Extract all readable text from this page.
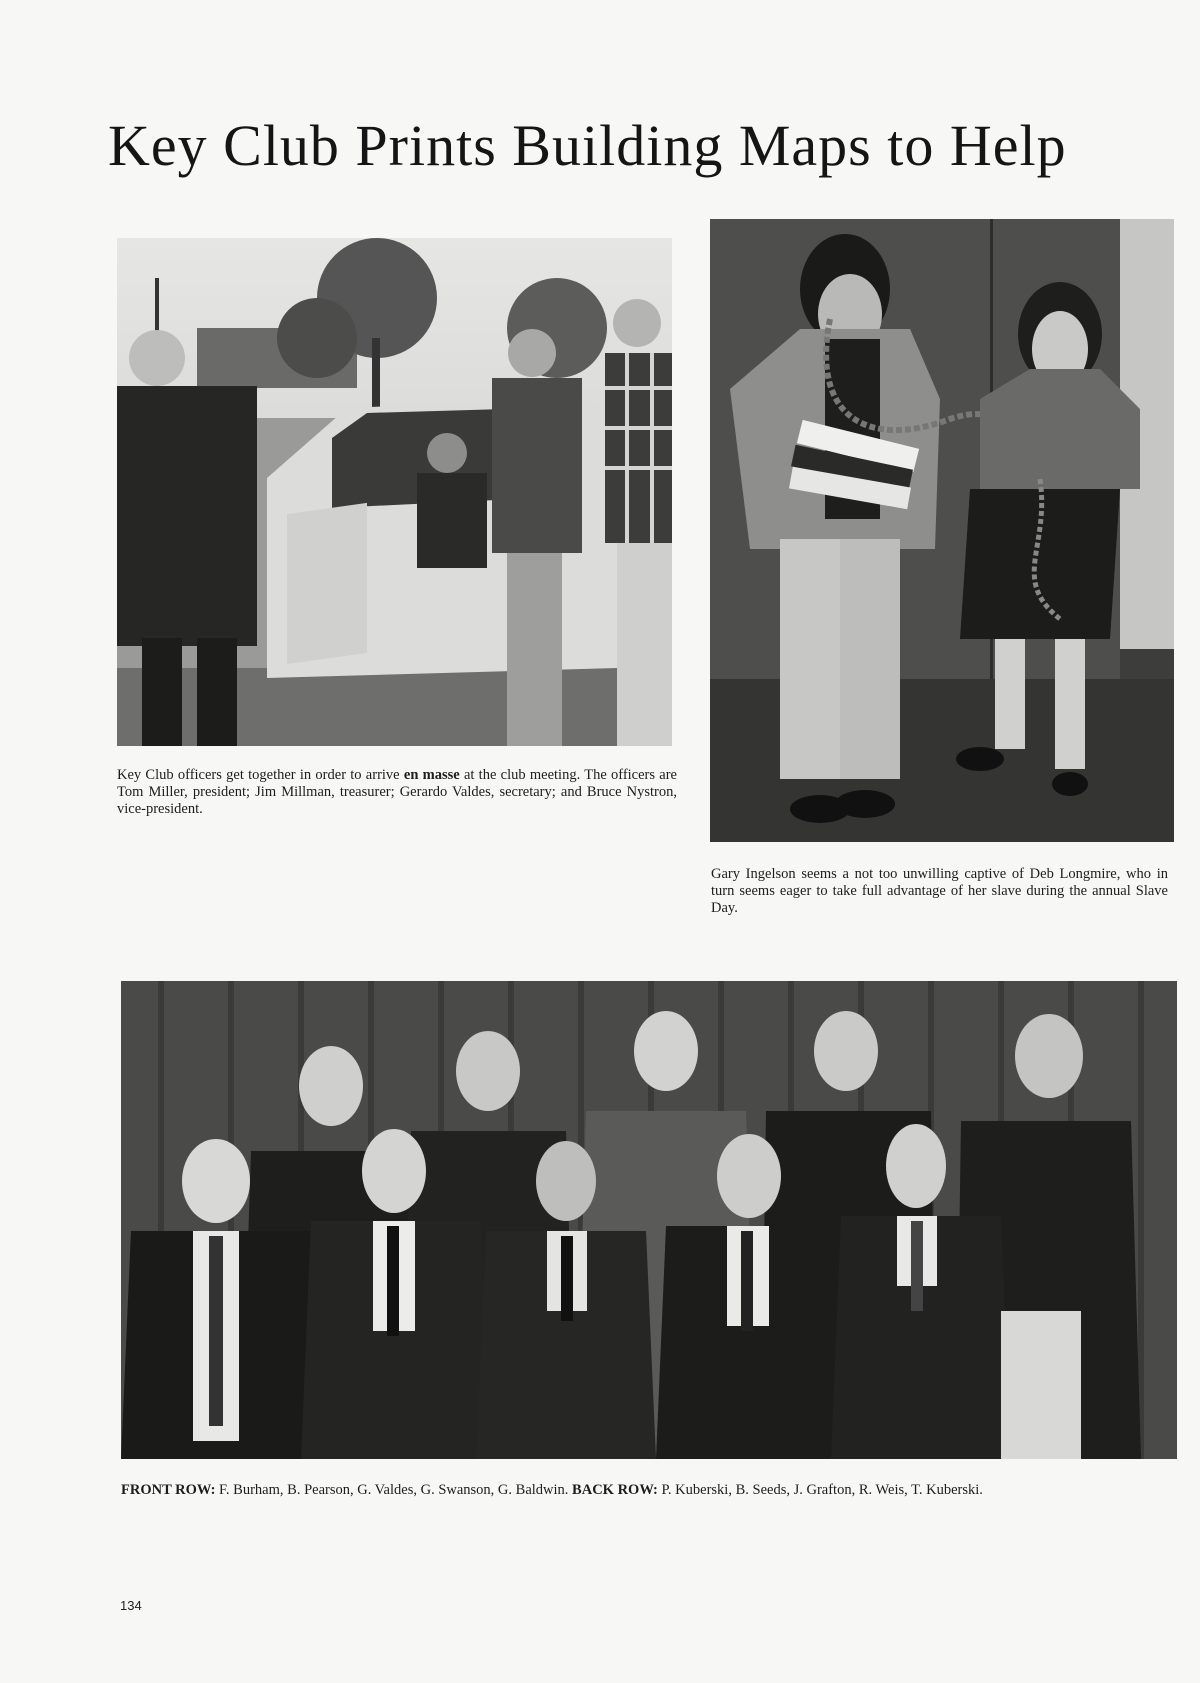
Key Club Prints Building Maps to Help
Key Club officers get together in order to arrive en masse at the club meeting. The officers are Tom Miller, president; Jim Millman, treasurer; Gerardo Valdes, secretary; and Bruce Nystron, vice-president.
Gary Ingelson seems a not too unwilling captive of Deb Longmire, who in turn seems eager to take full advantage of her slave during the annual Slave Day.
FRONT ROW: F. Burham, B. Pearson, G. Valdes, G. Swanson, G. Baldwin. BACK ROW: P. Kuberski, B. Seeds, J. Grafton, R. Weis, T. Kuberski.
134
